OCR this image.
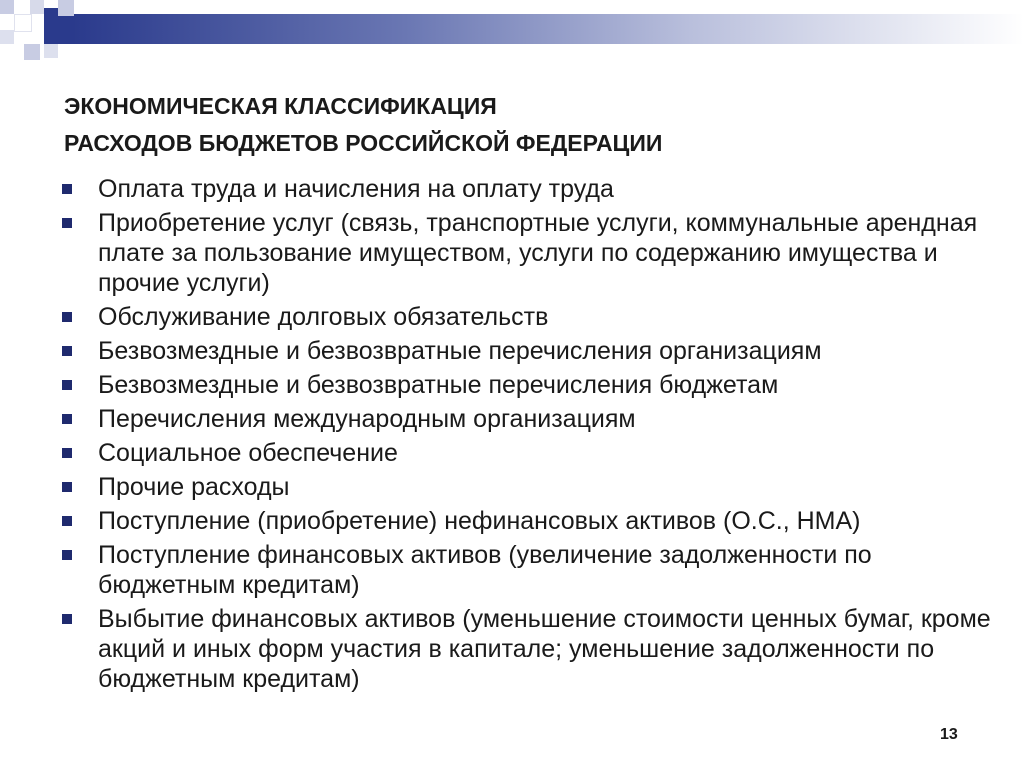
ЭКОНОМИЧЕСКАЯ КЛАССИФИКАЦИЯ
РАСХОДОВ БЮДЖЕТОВ РОССИЙСКОЙ ФЕДЕРАЦИИ
Оплата труда и начисления на оплату труда
Приобретение услуг (связь, транспортные услуги, коммунальные арендная плате за пользование имуществом, услуги по содержанию имущества и прочие услуги)
Обслуживание долговых обязательств
Безвозмездные и безвозвратные перечисления организациям
Безвозмездные и безвозвратные перечисления бюджетам
Перечисления международным организациям
Социальное обеспечение
Прочие расходы
Поступление (приобретение) нефинансовых активов (О.С., НМА)
Поступление финансовых активов (увеличение задолженности по бюджетным кредитам)
Выбытие финансовых активов (уменьшение стоимости ценных бумаг, кроме акций и иных форм участия в капитале; уменьшение задолженности по бюджетным кредитам)
13
